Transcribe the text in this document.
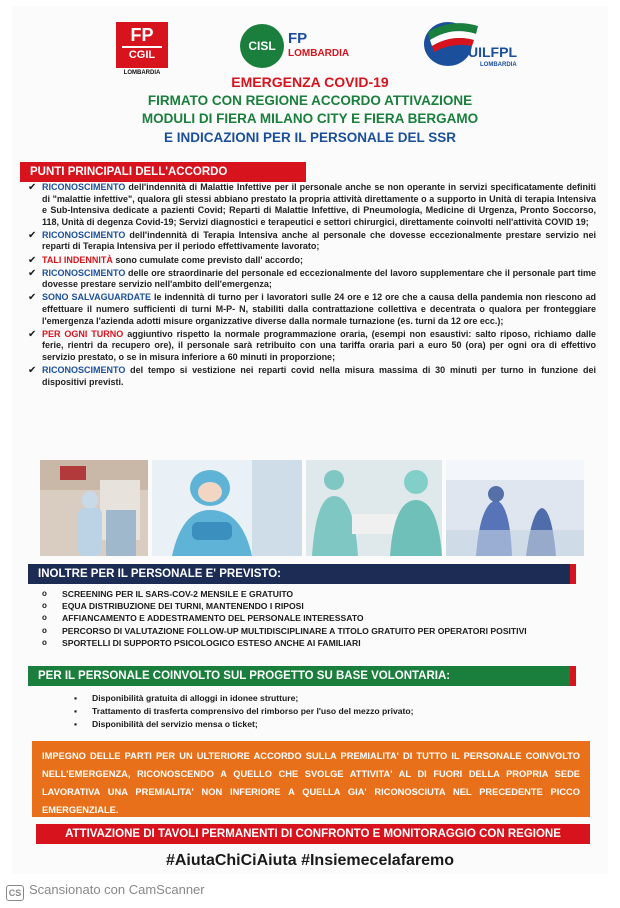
FP
CGIL
LOMBARDIA
CISL FP
LOMBARDIA	UILFPL
LOMBARDIA
EMERGENZA COVID-19
FIRMATO CON REGIONE ACCORDO ATTIVAZIONE
MODULI DI FIERA MILANO CITY E FIERA BERGAMO
E INDICAZIONI PER IL PERSONALE DEL SSR
PUNTI PRINCIPALI DELL'ACCORDO
✔ RICONOSCIMENTO dell'indennità di Malattie Infettive per il personale anche se non operante in servizi specificatamente definiti di "malattie infettive", qualora gli stessi abbiano prestato la propria attività direttamente o a supporto in Unità di terapia Intensiva e Sub-Intensiva dedicate a pazienti Covid; Reparti di Malattie Infettive, di Pneumologia, Medicine di Urgenza, Pronto Soccorso, 118, Unità di degenza Covid-19; Servizi diagnostici e terapeutici e settori chirurgici, direttamente coinvolti nell'attività COVID 19;
✔ RICONOSCIMENTO dell'indennità di Terapia Intensiva anche al personale che dovesse eccezionalmente prestare servizio nei reparti di Terapia Intensiva per il periodo effettivamente lavorato;
✔ TALI INDENNITÀ sono cumulate come previsto dall' accordo;
✔ RICONOSCIMENTO delle ore straordinarie del personale ed eccezionalmente del lavoro supplementare che il personale part time dovesse prestare servizio nell'ambito dell'emergenza;
✔ SONO SALVAGUARDATE le indennità di turno per i lavoratori sulle 24 ore e 12 ore che a causa della pandemia non riescono ad effettuare il numero sufficienti di turni M-P- N, stabiliti dalla contrattazione collettiva e decentrata o qualora per fronteggiare l'emergenza l'azienda adotti misure organizzative diverse dalla normale turnazione (es. turni da 12 ore ecc.);
✔ PER OGNI TURNO aggiuntivo rispetto la normale programmazione oraria, (esempi non esaustivi: salto riposo, richiamo dalle ferie, rientri da recupero ore), il personale sarà retribuito con una tariffa oraria pari a euro 50 (ora) per ogni ora di effettivo servizio prestato, o se in misura inferiore a 60 minuti in proporzione;
✔ RICONOSCIMENTO del tempo si vestizione nei reparti covid nella misura massima di 30 minuti per turno in funzione dei dispositivi previsti.
INOLTRE PER IL PERSONALE E' PREVISTO:
o SCREENING PER IL SARS-COV-2 MENSILE E GRATUITO
o EQUA DISTRIBUZIONE DEI TURNI, MANTENENDO I RIPOSI
o AFFIANCAMENTO E ADDESTRAMENTO DEL PERSONALE INTERESSATO
o PERCORSO DI VALUTAZIONE FOLLOW-UP MULTIDISCIPLINARE A TITOLO GRATUITO PER OPERATORI POSITIVI
o SPORTELLI DI SUPPORTO PSICOLOGICO ESTESO ANCHE AI FAMILIARI
PER IL PERSONALE COINVOLTO SUL PROGETTO SU BASE VOLONTARIA:
▪ Disponibilità gratuita di alloggi in idonee strutture;
▪ Trattamento di trasferta comprensivo del rimborso per l'uso del mezzo privato;
▪ Disponibilità del servizio mensa o ticket;
IMPEGNO DELLE PARTI PER UN ULTERIORE ACCORDO SULLA PREMIALITA' DI TUTTO IL PERSONALE COINVOLTO NELL'EMERGENZA, RICONOSCENDO A QUELLO CHE SVOLGE ATTIVITA' AL DI FUORI DELLA PROPRIA SEDE LAVORATIVA UNA PREMIALITA' NON INFERIORE A QUELLA GIA' RICONOSCIUTA NEL PRECEDENTE PICCO EMERGENZIALE.
ATTIVAZIONE DI TAVOLI PERMANENTI DI CONFRONTO E MONITORAGGIO CON REGIONE
#AiutaChiCiAiuta #Insiemecelafaremo
CS Scansionato con CamScanner
